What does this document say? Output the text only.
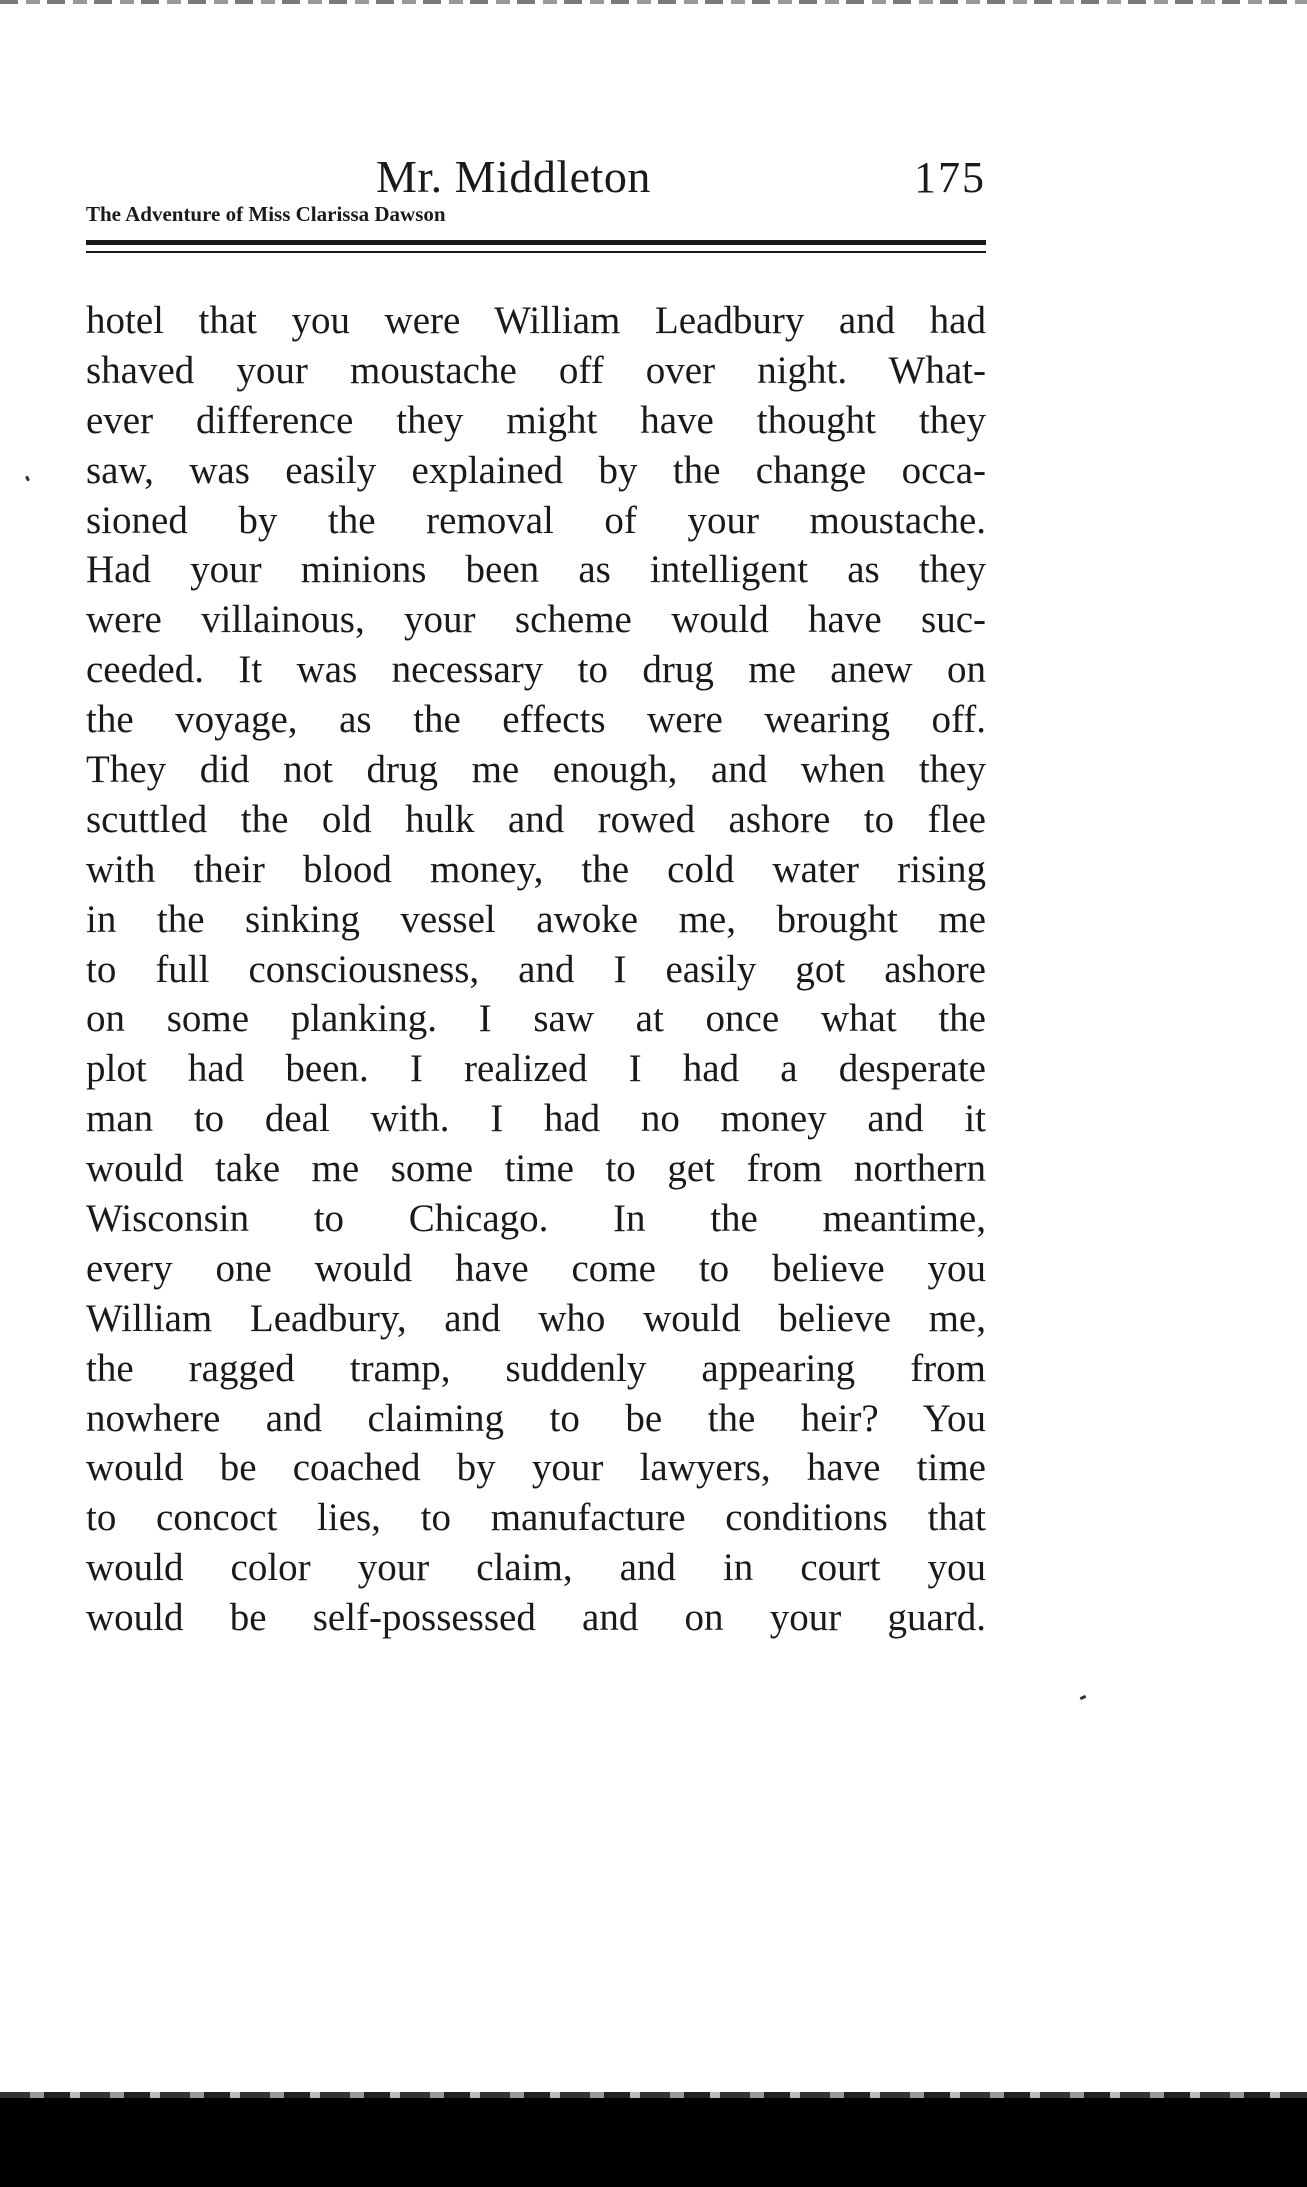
Mr. Middleton	175
The Adventure of Miss Clarissa Dawson
hotel that you were William Leadbury and had
shaved your moustache off over night. What-
ever difference they might have thought they
saw, was easily explained by the change occa-
sioned by the removal of your moustache.
Had your minions been as intelligent as they
were villainous, your scheme would have suc-
ceeded. It was necessary to drug me anew on
the voyage, as the effects were wearing off.
They did not drug me enough, and when they
scuttled the old hulk and rowed ashore to flee
with their blood money, the cold water rising
in the sinking vessel awoke me, brought me
to full consciousness, and I easily got ashore
on some planking. I saw at once what the
plot had been. I realized I had a desperate
man to deal with. I had no money and it
would take me some time to get from northern
Wisconsin to Chicago. In the meantime,
every one would have come to believe you
William Leadbury, and who would believe me,
the ragged tramp, suddenly appearing from
nowhere and claiming to be the heir? You
would be coached by your lawyers, have time
to concoct lies, to manufacture conditions that
would color your claim, and in court you
would be self-possessed and on your guard.
